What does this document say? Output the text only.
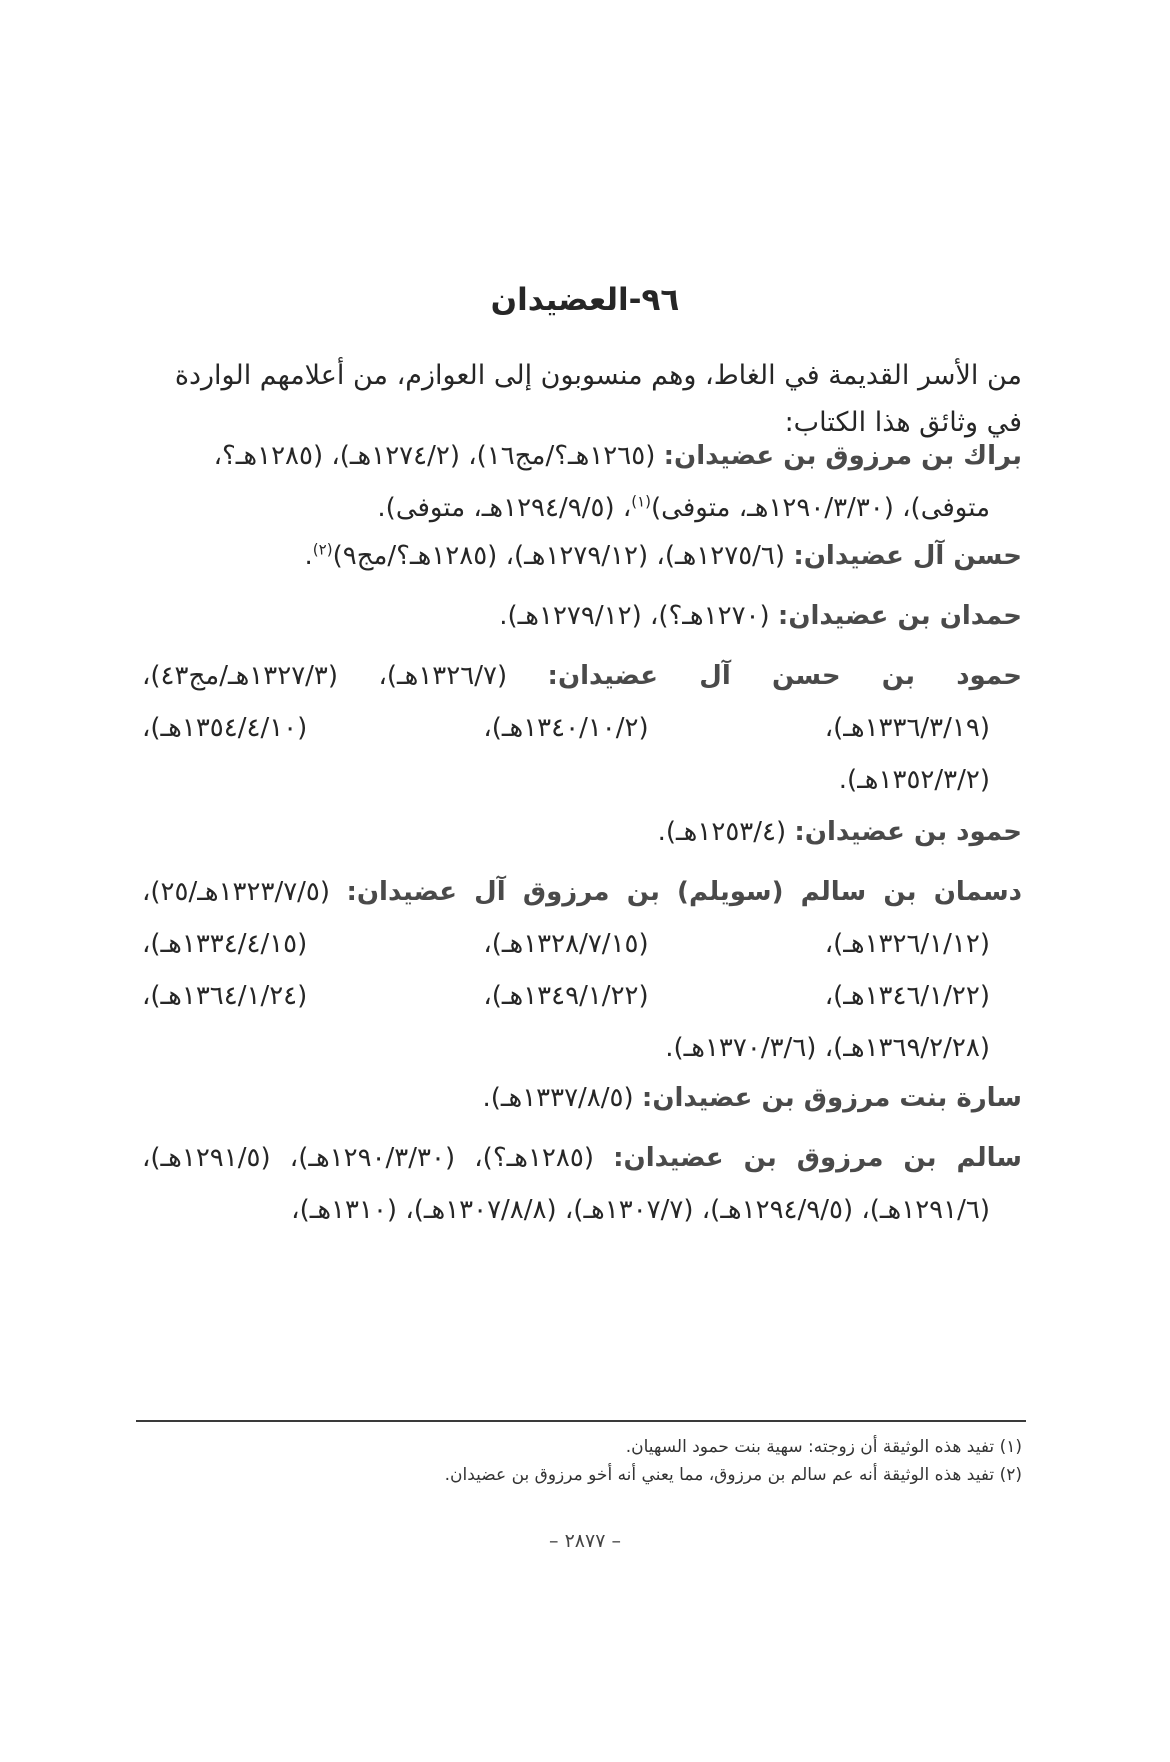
٩٦-العضيدان
من الأسر القديمة في الغاط، وهم منسوبون إلى العوازم، من أعلامهم الواردة في وثائق هذا الكتاب:
براك بن مرزوق بن عضيدان: (١٢٦٥هـ؟/مج١٦)، (١٢٧٤/٢هـ)، (١٢٨٥هـ؟،
متوفى)، (١٢٩٠/٣/٣٠هـ، متوفى)$^{(١)}$، (١٢٩٤/٩/٥هـ، متوفى).
حسن آل عضيدان: (١٢٧٥/٦هـ)، (١٢٧٩/١٢هـ)، (١٢٨٥هـ؟/مج٩)$^{(٢)}$.
حمدان بن عضيدان: (١٢٧٠هـ؟)، (١٢٧٩/١٢هـ).
حمود بن حسن آل عضيدان: (١٣٢٦/٧هـ)، (١٣٢٧/٣هـ/مج٤٣)،
(١٣٣٦/٣/١٩هـ)،
(١٣٤٠/١٠/٢هـ)،
(١٣٥٤/٤/١٠هـ)،
(١٣٥٢/٣/٢هـ).
حمود بن عضيدان: (١٢٥٣/٤هـ).
دسمان بن سالم (سويلم) بن مرزوق آل عضيدان: (١٣٢٣/٧/٥هـ/٢٥)،
(١٣٢٦/١/١٢هـ)،
(١٣٢٨/٧/١٥هـ)،
(١٣٣٤/٤/١٥هـ)،
(١٣٤٦/١/٢٢هـ)،
(١٣٤٩/١/٢٢هـ)،
(١٣٦٤/١/٢٤هـ)،
(١٣٦٩/٢/٢٨هـ)، (١٣٧٠/٣/٦هـ).
سارة بنت مرزوق بن عضيدان: (١٣٣٧/٨/٥هـ).
سالم بن مرزوق بن عضيدان: (١٢٨٥هـ؟)، (١٢٩٠/٣/٣٠هـ)، (١٢٩١/٥هـ)،
(١٢٩١/٦هـ)، (١٢٩٤/٩/٥هـ)، (١٣٠٧/٧هـ)، (١٣٠٧/٨/٨هـ)، (١٣١٠هـ)،
(١) تفيد هذه الوثيقة أن زوجته: سهية بنت حمود السهيان.
(٢) تفيد هذه الوثيقة أنه عم سالم بن مرزوق، مما يعني أنه أخو مرزوق بن عضيدان.
– ٢٨٧٧ –
